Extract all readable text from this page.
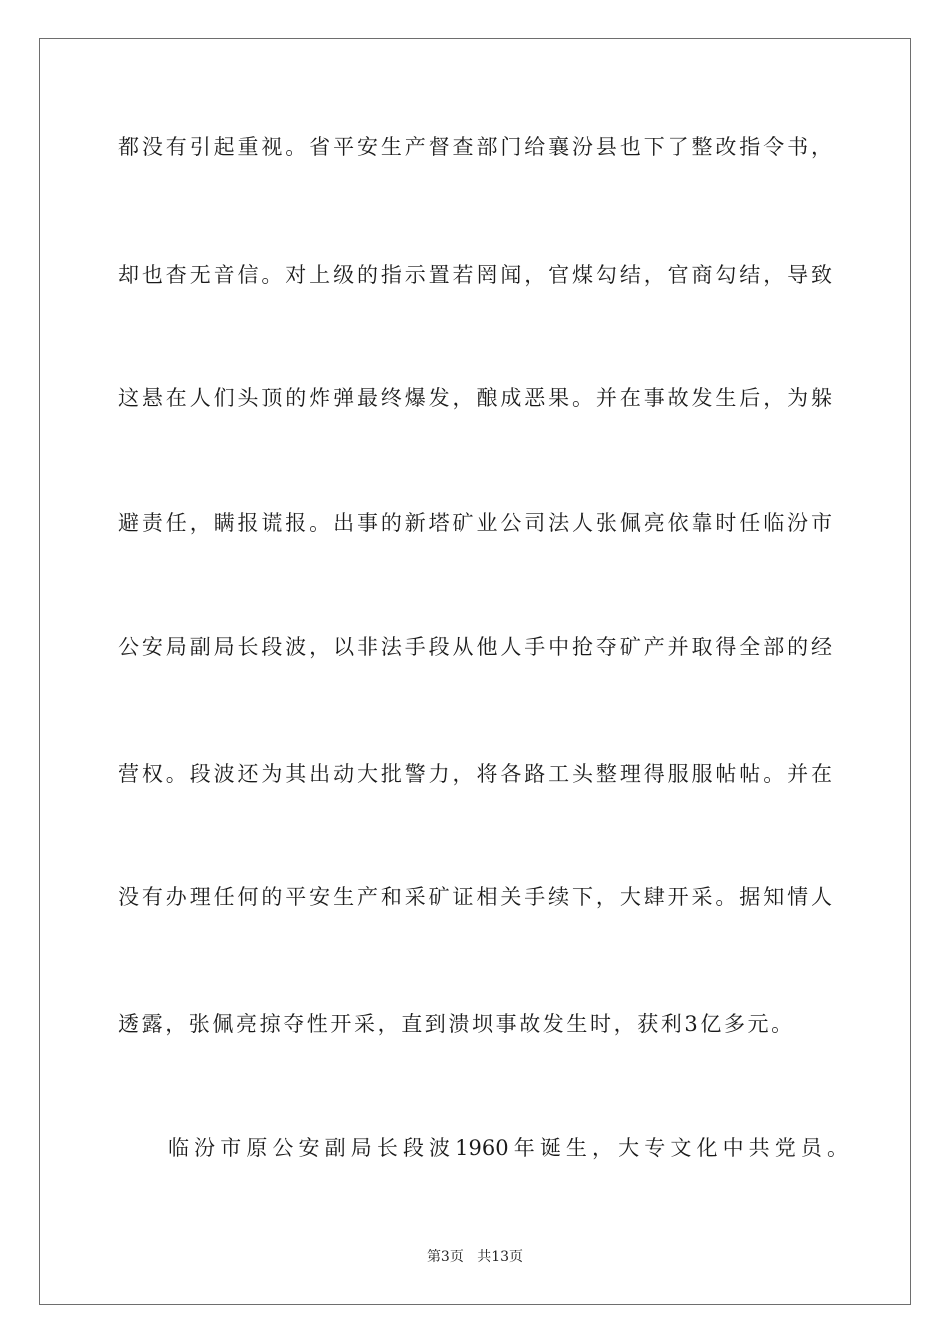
都没有引起重视。省平安生产督查部门给襄汾县也下了整改指令书，
却也杳无音信。对上级的指示置若罔闻，官煤勾结，官商勾结，导致
这悬在人们头顶的炸弹最终爆发，酿成恶果。并在事故发生后，为躲
避责任，瞒报谎报。出事的新塔矿业公司法人张佩亮依靠时任临汾市
公安局副局长段波，以非法手段从他人手中抢夺矿产并取得全部的经
营权。段波还为其出动大批警力，将各路工头整理得服服帖帖。并在
没有办理任何的平安生产和采矿证相关手续下，大肆开采。据知情人
透露，张佩亮掠夺性开采，直到溃坝事故发生时，获利3亿多元。
临汾市原公安副局长段波1960年诞生，大专文化中共党员。
第3页 共13页
